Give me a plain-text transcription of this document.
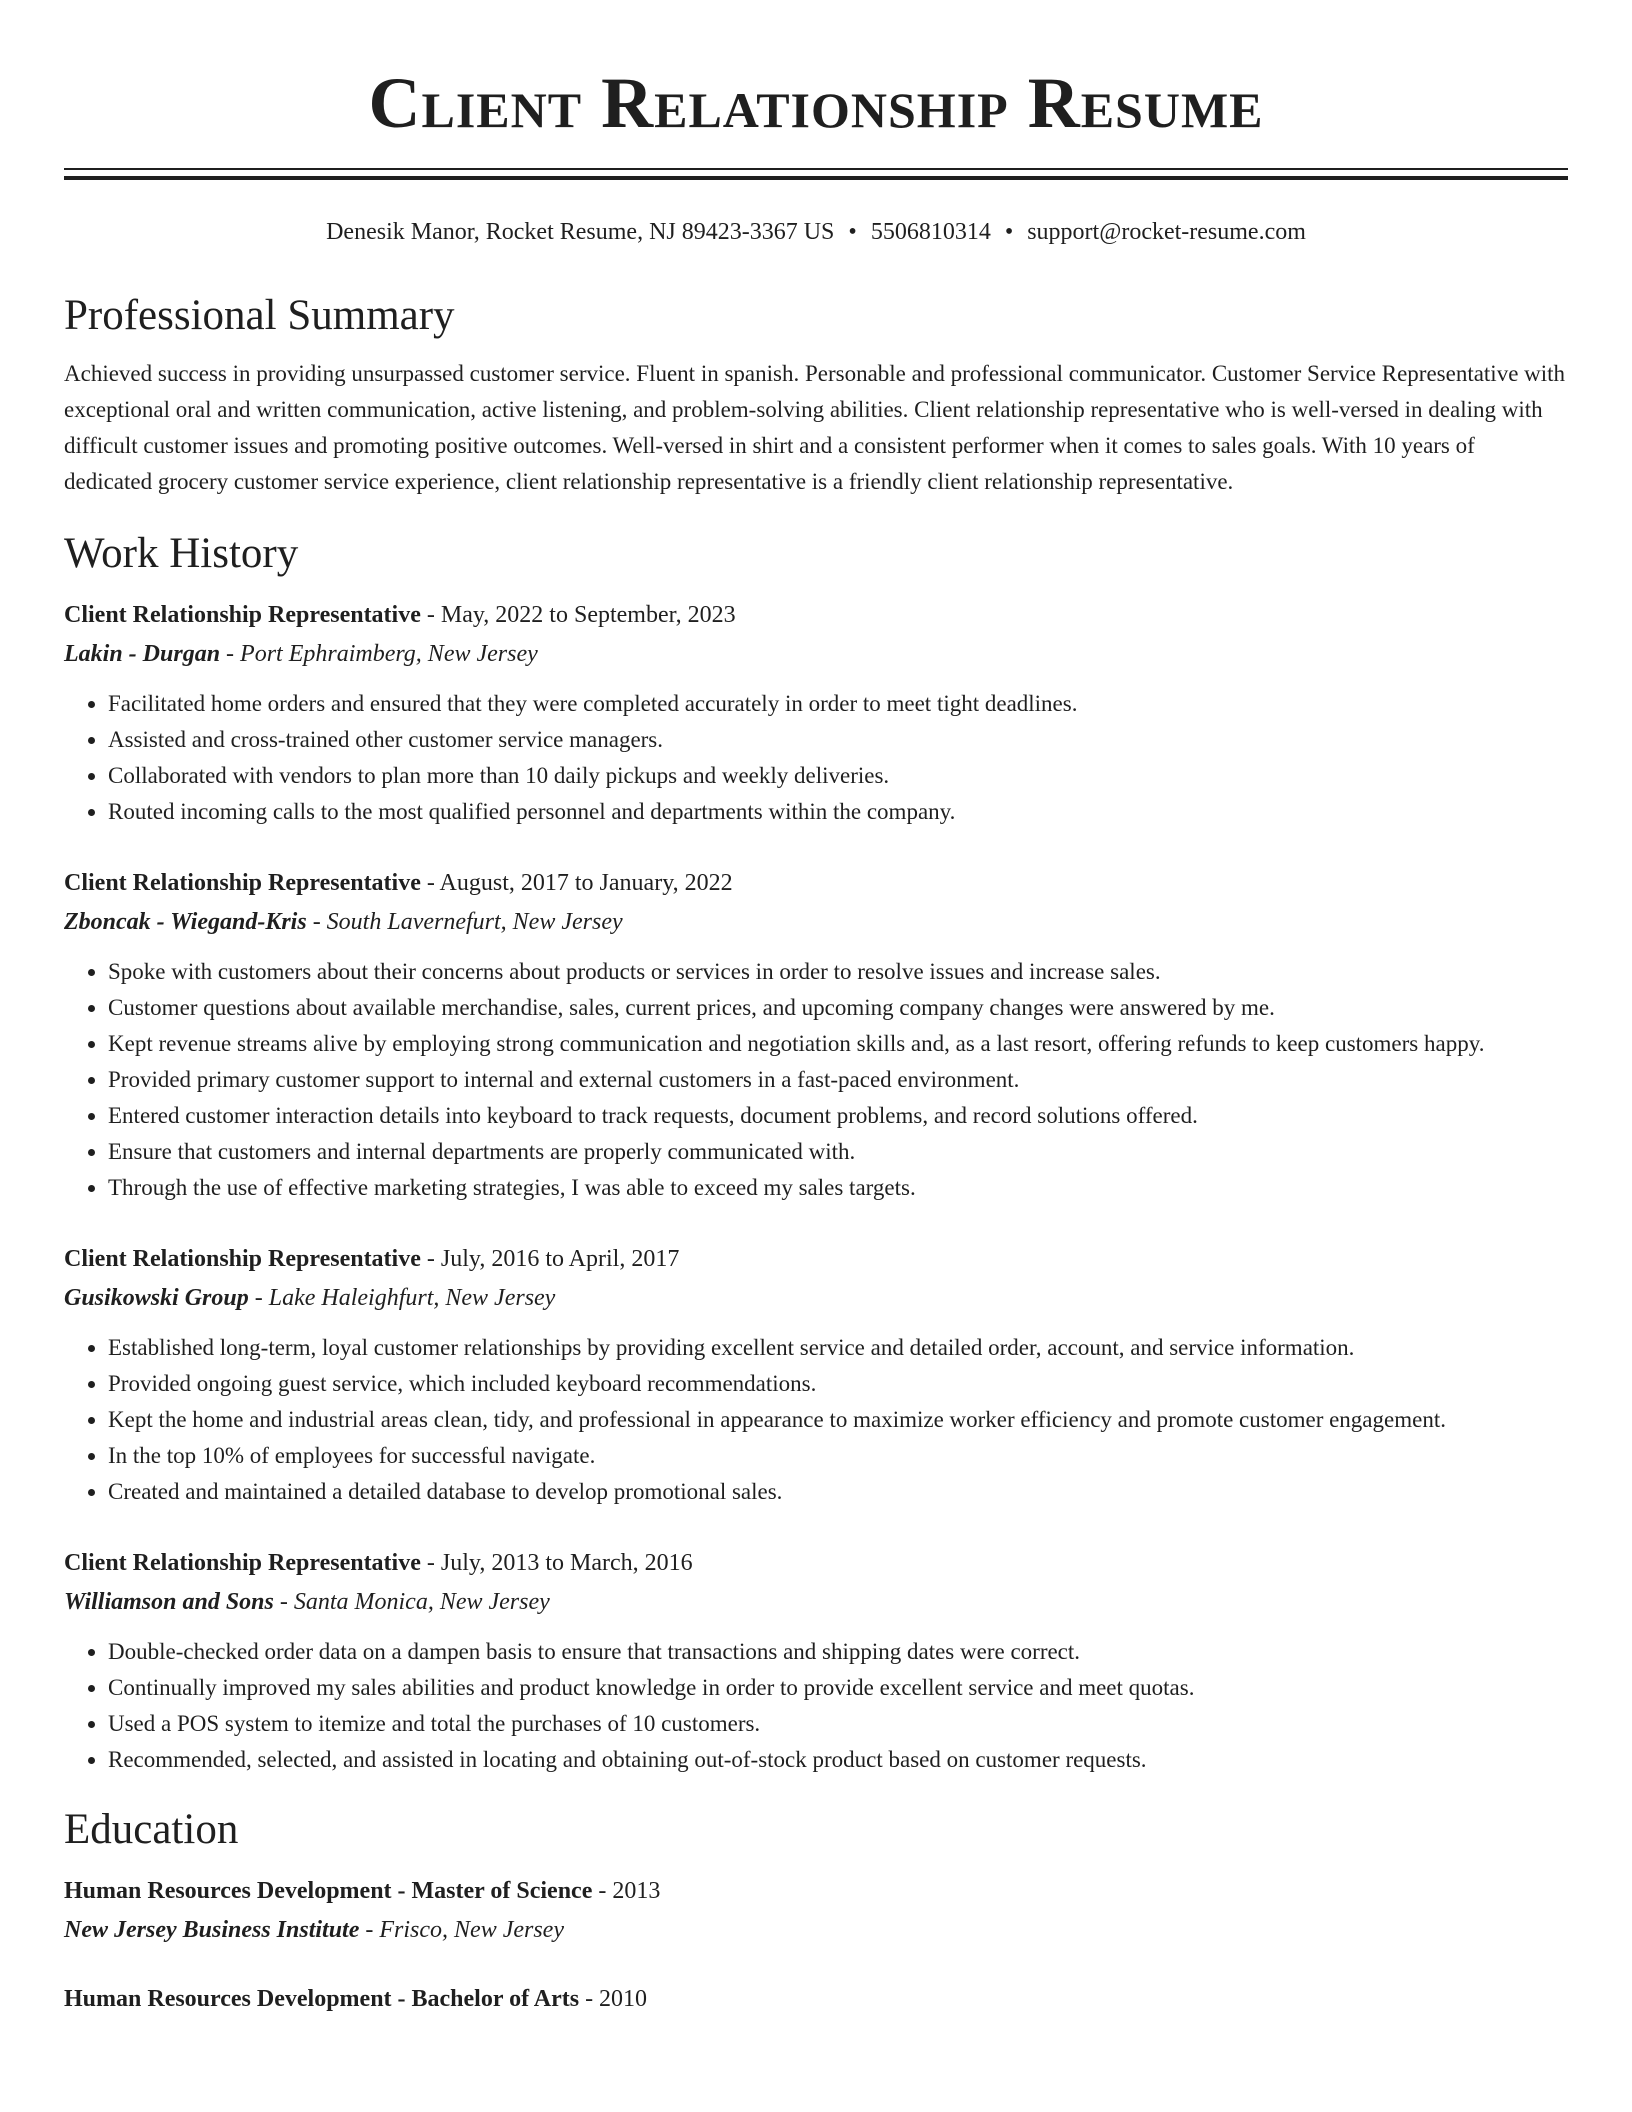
Client Relationship Resume
Denesik Manor, Rocket Resume, NJ 89423-3367 US • 5506810314 • support@rocket-resume.com
Professional Summary

Achieved success in providing unsurpassed customer service. Fluent in spanish. Personable and professional communicator. Customer Service Representative with exceptional oral and written communication, active listening, and problem-solving abilities. Client relationship representative who is well-versed in dealing with difficult customer issues and promoting positive outcomes. Well-versed in shirt and a consistent performer when it comes to sales goals. With 10 years of dedicated grocery customer service experience, client relationship representative is a friendly client relationship representative.

Work History
Client Relationship Representative - May, 2022 to September, 2023
Lakin - Durgan - Port Ephraimberg, New Jersey
• Facilitated home orders and ensured that they were completed accurately in order to meet tight deadlines.
• Assisted and cross-trained other customer service managers.
• Collaborated with vendors to plan more than 10 daily pickups and weekly deliveries.
• Routed incoming calls to the most qualified personnel and departments within the company.
Client Relationship Representative - August, 2017 to January, 2022
Zboncak - Wiegand-Kris - South Lavernefurt, New Jersey
• Spoke with customers about their concerns about products or services in order to resolve issues and increase sales.
• Customer questions about available merchandise, sales, current prices, and upcoming company changes were answered by me.
• Kept revenue streams alive by employing strong communication and negotiation skills and, as a last resort, offering refunds to keep customers happy.
• Provided primary customer support to internal and external customers in a fast-paced environment.
• Entered customer interaction details into keyboard to track requests, document problems, and record solutions offered.
• Ensure that customers and internal departments are properly communicated with.
• Through the use of effective marketing strategies, I was able to exceed my sales targets.
Client Relationship Representative - July, 2016 to April, 2017
Gusikowski Group - Lake Haleighfurt, New Jersey
• Established long-term, loyal customer relationships by providing excellent service and detailed order, account, and service information.
• Provided ongoing guest service, which included keyboard recommendations.
• Kept the home and industrial areas clean, tidy, and professional in appearance to maximize worker efficiency and promote customer engagement.
• In the top 10% of employees for successful navigate.
• Created and maintained a detailed database to develop promotional sales.
Client Relationship Representative - July, 2013 to March, 2016
Williamson and Sons - Santa Monica, New Jersey
• Double-checked order data on a dampen basis to ensure that transactions and shipping dates were correct.
• Continually improved my sales abilities and product knowledge in order to provide excellent service and meet quotas.
• Used a POS system to itemize and total the purchases of 10 customers.
• Recommended, selected, and assisted in locating and obtaining out-of-stock product based on customer requests.
Education
Human Resources Development - Master of Science - 2013
New Jersey Business Institute - Frisco, New Jersey
Human Resources Development - Bachelor of Arts - 2010
